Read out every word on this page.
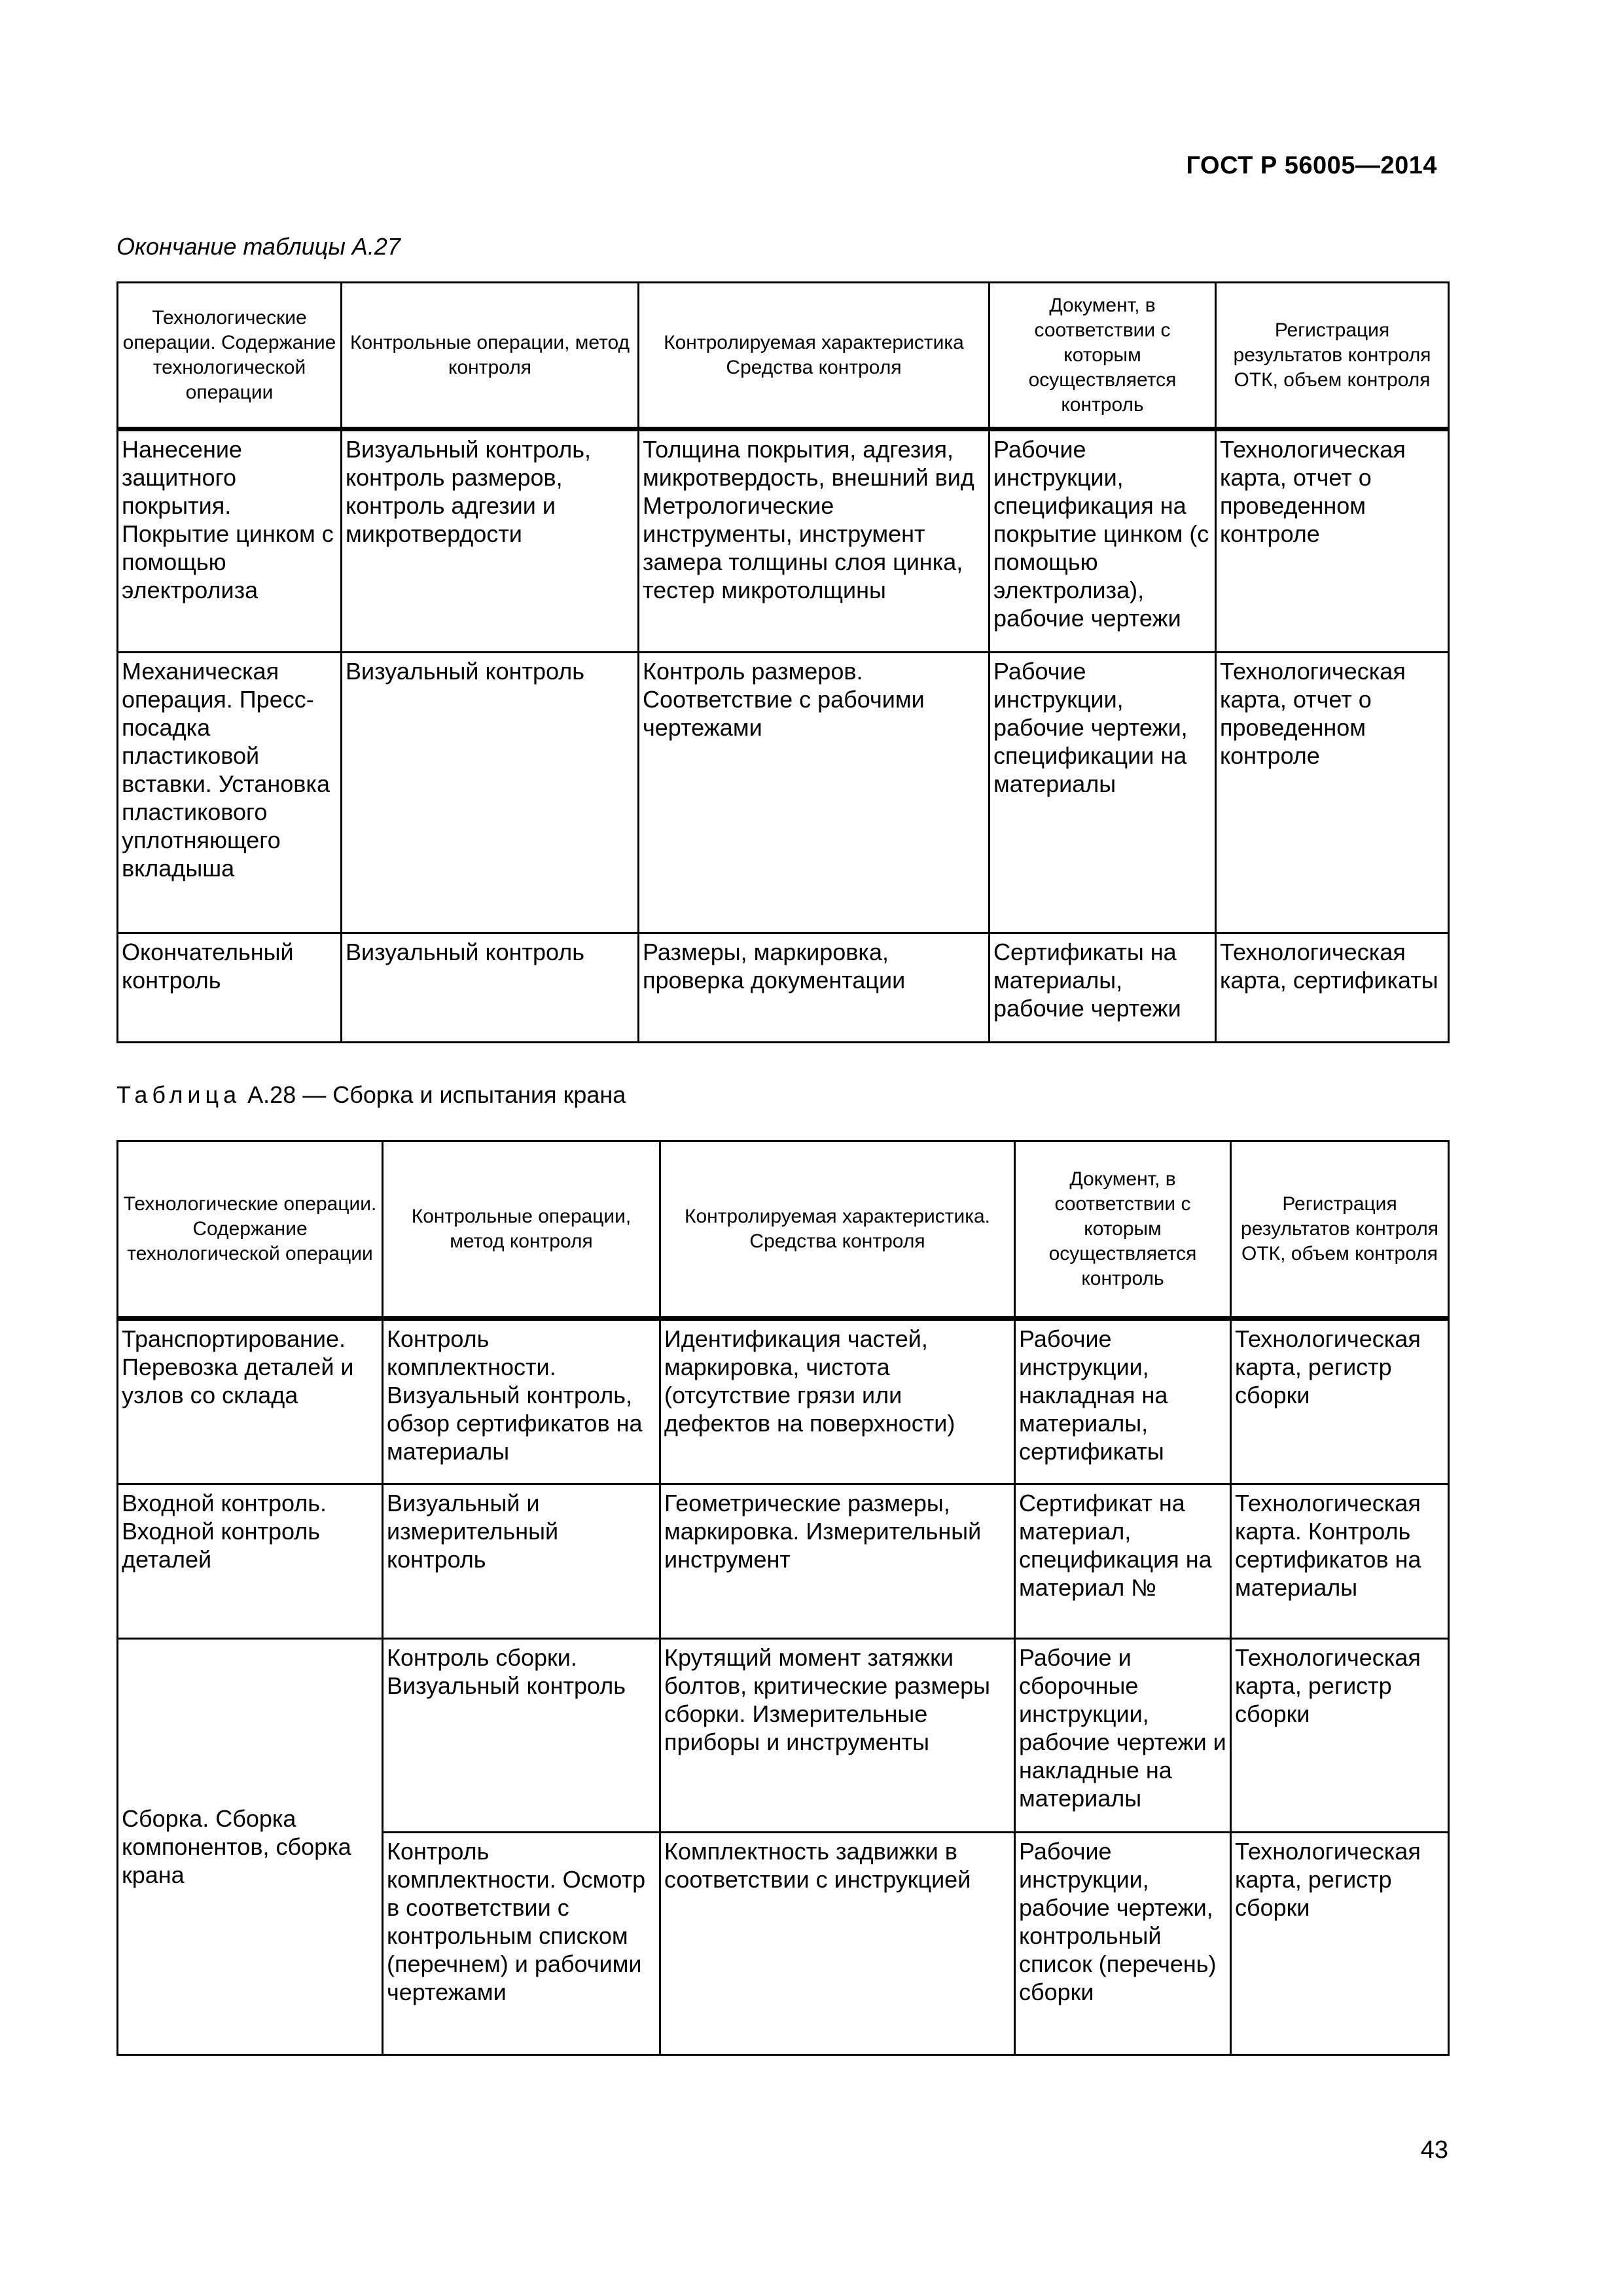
ГОСТ Р 56005—2014
Окончание таблицы А.27
Технологические операции. Содержание технологической операции	Контрольные операции, метод контроля	Контролируемая характеристика Средства контроля	Документ, в соответствии с которым осуществляется контроль	Регистрация результатов контроля ОТК, объем контроля
Нанесение защитного покрытия. Покрытие цинком с помощью электролиза	Визуальный контроль, контроль размеров, контроль адгезии и микротвердости	Толщина покрытия, адгезия, микротвердость, внешний вид Метрологические инструменты, инструмент замера толщины слоя цинка, тестер микротолщины	Рабочие инструкции, спецификация на покрытие цинком (с помощью электролиза), рабочие чертежи	Технологическая карта, отчет о проведенном контроле
Механическая операция. Пресс-посадка пластиковой вставки. Установка пластикового уплотняющего вкладыша	Визуальный контроль	Контроль размеров. Соответствие с рабочими чертежами	Рабочие инструкции, рабочие чертежи, спецификации на материалы	Технологическая карта, отчет о проведенном контроле
Окончательный контроль	Визуальный контроль	Размеры, маркировка, проверка документации	Сертификаты на материалы, рабочие чертежи	Технологическая карта, сертификаты
Таблица А.28 — Сборка и испытания крана
Технологические операции. Содержание технологической операции	Контрольные операции, метод контроля	Контролируемая характеристика. Средства контроля	Документ, в соответствии с которым осуществляется контроль	Регистрация результатов контроля ОТК, объем контроля
Транспортирование. Перевозка деталей и узлов со склада	Контроль комплектности. Визуальный контроль, обзор сертификатов на материалы	Идентификация частей, маркировка, чистота (отсутствие грязи или дефектов на поверхности)	Рабочие инструкции, накладная на материалы, сертификаты	Технологическая карта, регистр сборки
Входной контроль. Входной контроль деталей	Визуальный и измерительный контроль	Геометрические размеры, маркировка. Измерительный инструмент	Сертификат на материал, спецификация на материал №	Технологическая карта. Контроль сертификатов на материалы
Сборка. Сборка компонентов, сборка крана	Контроль сборки. Визуальный контроль	Крутящий момент затяжки болтов, критические размеры сборки. Измерительные приборы и инструменты	Рабочие и сборочные инструкции, рабочие чертежи и накладные на материалы	Технологическая карта, регистр сборки
	Контроль комплектности. Осмотр в соответствии с контрольным списком (перечнем) и рабочими чертежами	Комплектность задвижки в соответствии с инструкцией	Рабочие инструкции, рабочие чертежи, контрольный список (перечень) сборки	Технологическая карта, регистр сборки
43
